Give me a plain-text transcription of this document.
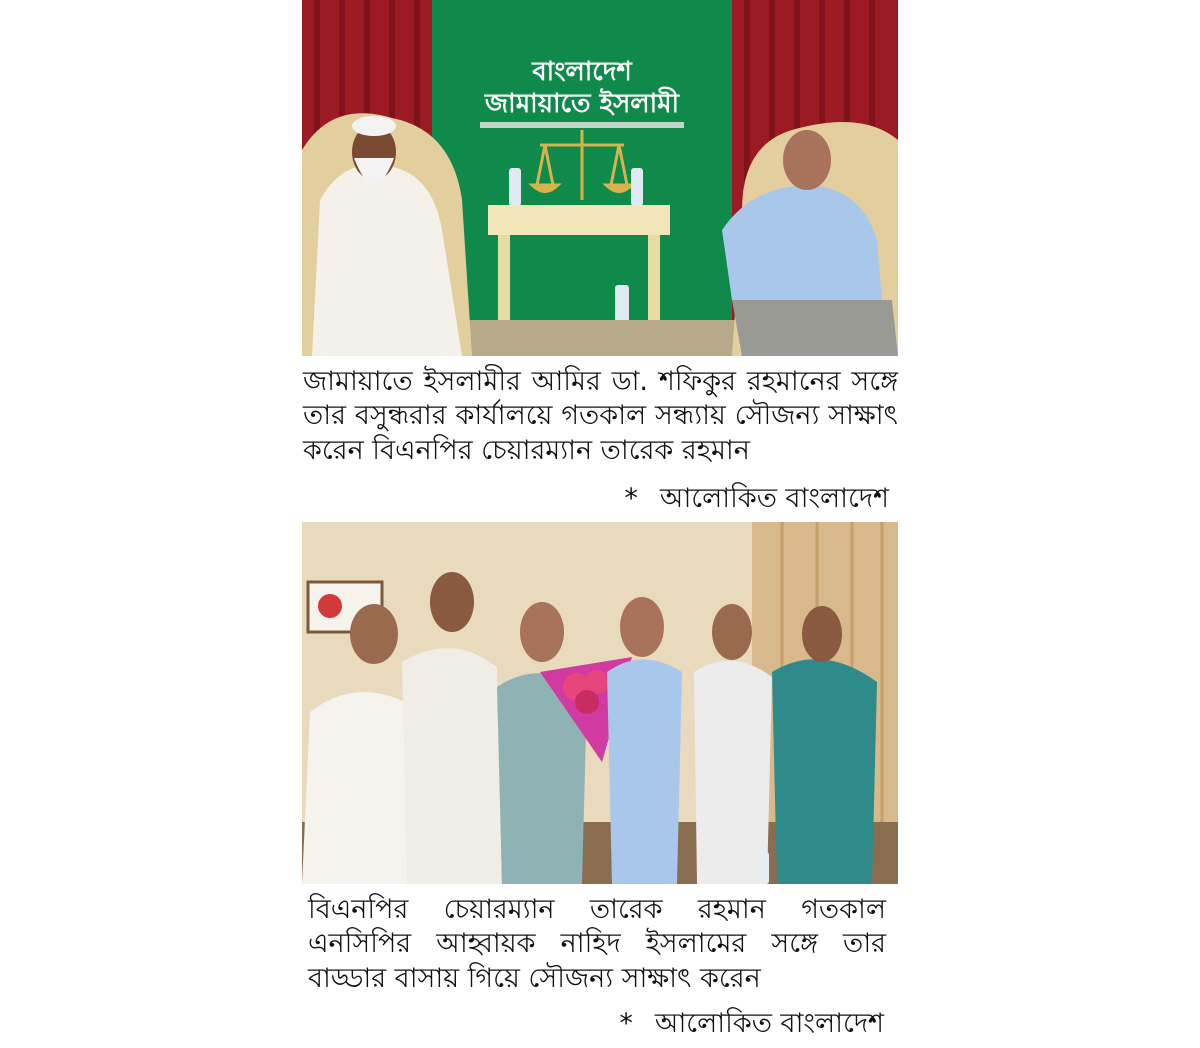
বাংলাদেশ
জামায়াতে ইসলামী

জামায়াতে ইসলামীর আমির ডা. শফিকুর রহমানের সঙ্গে তার বসুন্ধরার কার্যালয়ে গতকাল সন্ধ্যায় সৌজন্য সাক্ষাৎ করেন বিএনপির চেয়ারম্যান তারেক রহমান

* আলোকিত বাংলাদেশ

বিএনপির চেয়ারম্যান তারেক রহমান গতকাল এনসিপির আহ্বায়ক নাহিদ ইসলামের সঙ্গে তার বাড্ডার বাসায় গিয়ে সৌজন্য সাক্ষাৎ করেন

* আলোকিত বাংলাদেশ
